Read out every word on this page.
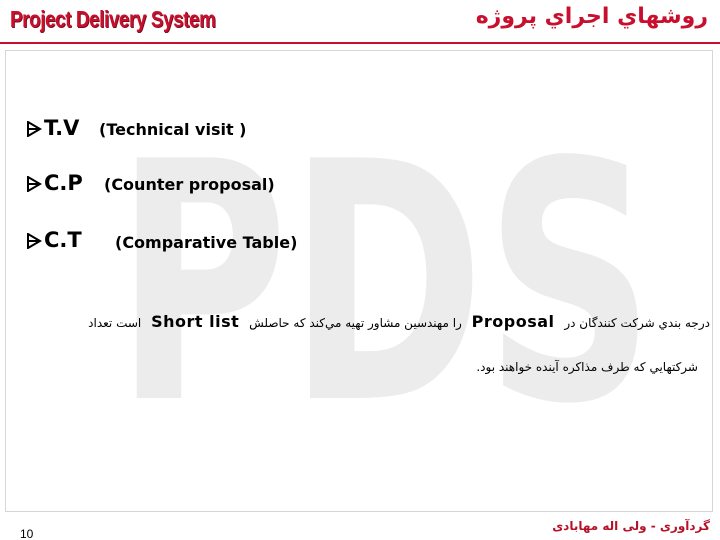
Project Delivery System	روشهاي اجراي پروژه
PDS
T.V (Technical visit )
C.P (Counter proposal)
C.T (Comparative Table)
درجه بندي شركت كنندگان در Proposal را مهندسين مشاور تهيه مي‌كند كه حاصلش Short list است تعداد
شركتهايي كه طرف مذاكره آينده خواهند بود.
10
گردآوری - ولی اله مهابادی
